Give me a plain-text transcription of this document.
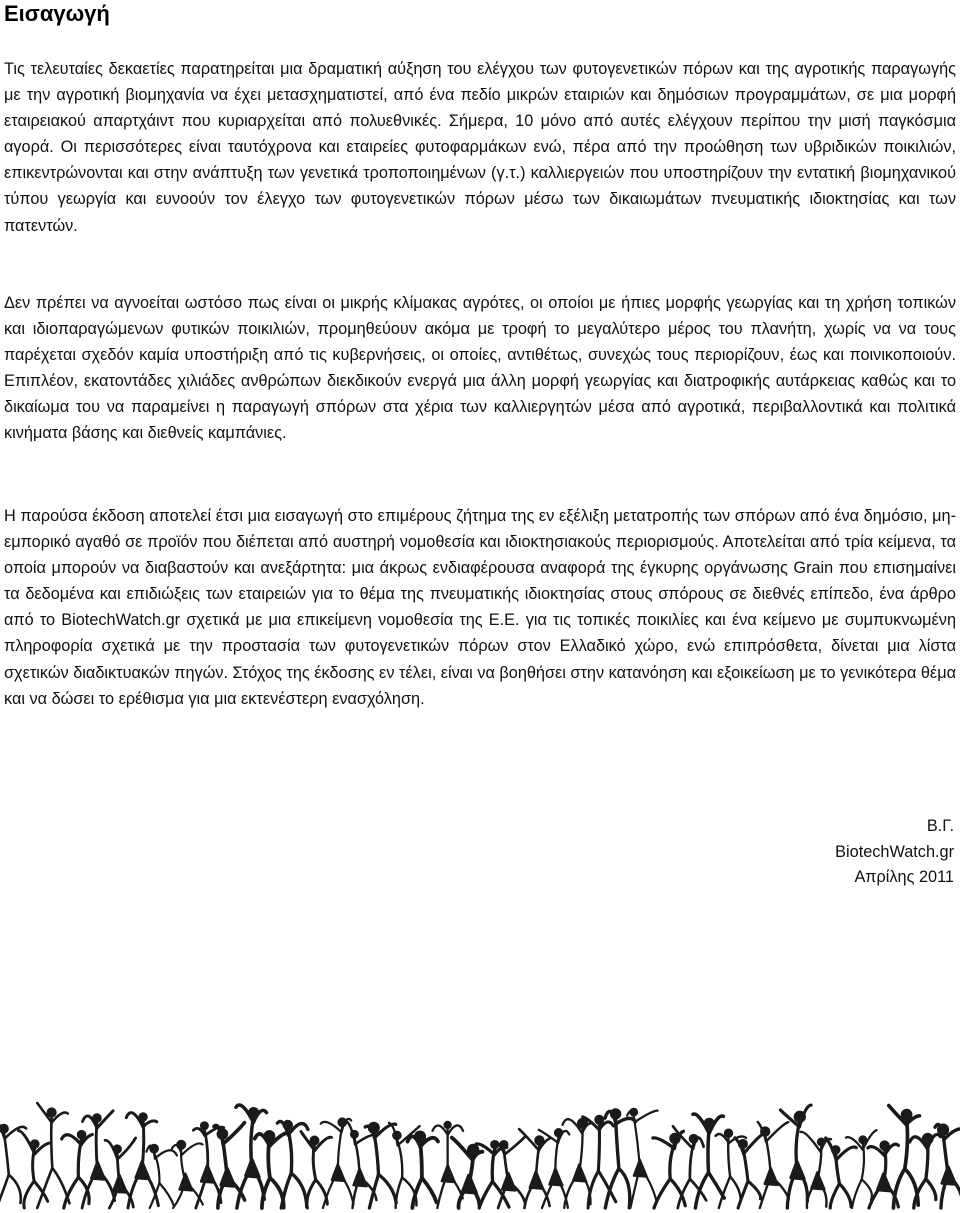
Εισαγωγή

Τις τελευταίες δεκαετίες παρατηρείται μια δραματική αύξηση του ελέγχου των φυτογενετικών πόρων και της αγροτικής παραγωγής με την αγροτική βιομηχανία να έχει μετασχηματιστεί, από ένα πεδίο μικρών εταιριών και δημόσιων προγραμμάτων, σε μια μορφή εταιρειακού απαρτχάιντ που κυριαρχείται από πολυεθνικές. Σήμερα, 10 μόνο από αυτές ελέγχουν περίπου την μισή παγκόσμια αγορά. Οι περισσότερες είναι ταυτόχρονα και εταιρείες φυτοφαρμάκων ενώ, πέρα από την προώθηση των υβριδικών ποικιλιών, επικεντρώνονται και στην ανάπτυξη των γενετικά τροποποιημένων (γ.τ.) καλλιεργειών που υποστηρίζουν την εντατική βιομηχανικού τύπου γεωργία και ευνοούν τον έλεγχο των φυτογενετικών πόρων μέσω των δικαιωμάτων πνευματικής ιδιοκτησίας και των πατεντών.

Δεν πρέπει να αγνοείται ωστόσο πως είναι οι μικρής κλίμακας αγρότες, οι οποίοι με ήπιες μορφής γεωργίας και τη χρήση τοπικών και ιδιοπαραγώμενων φυτικών ποικιλιών, προμηθεύουν ακόμα με τροφή το μεγαλύτερο μέρος του πλανήτη, χωρίς να να τους παρέχεται σχεδόν καμία υποστήριξη από τις κυβερνήσεις, οι οποίες, αντιθέτως, συνεχώς τους περιορίζουν, έως και ποινικοποιούν. Επιπλέον, εκατοντάδες χιλιάδες ανθρώπων διεκδικούν ενεργά μια άλλη μορφή γεωργίας και διατροφικής αυτάρκειας καθώς και το δικαίωμα του να παραμείνει η παραγωγή σπόρων στα χέρια των καλλιεργητών μέσα από αγροτικά, περιβαλλοντικά και πολιτικά κινήματα βάσης και διεθνείς καμπάνιες.

Η παρούσα έκδοση αποτελεί έτσι μια εισαγωγή στο επιμέρους ζήτημα της εν εξέλιξη μετατροπής των σπόρων από ένα δημόσιο, μη-εμπορικό αγαθό σε προϊόν που διέπεται από αυστηρή νομοθεσία και ιδιοκτησιακούς περιορισμούς. Αποτελείται από τρία κείμενα, τα οποία μπορούν να διαβαστούν και ανεξάρτητα: μια άκρως ενδιαφέρουσα αναφορά της έγκυρης οργάνωσης Grain που επισημαίνει τα δεδομένα και επιδιώξεις των εταιρειών για το θέμα της πνευματικής ιδιοκτησίας στους σπόρους σε διεθνές επίπεδο, ένα άρθρο από το BiotechWatch.gr σχετικά με μια επικείμενη νομοθεσία της Ε.Ε. για τις τοπικές ποικιλίες και ένα κείμενο με συμπυκνωμένη πληροφορία σχετικά με την προστασία των φυτογενετικών πόρων στον Ελλαδικό χώρο, ενώ επιπρόσθετα, δίνεται μια λίστα σχετικών διαδικτυακών πηγών. Στόχος της έκδοσης εν τέλει, είναι να βοηθήσει στην κατανόηση και εξοικείωση με το γενικότερα θέμα και να δώσει το ερέθισμα για μια εκτενέστερη ενασχόληση.

Β.Γ.
BiotechWatch.gr
Απρίλης 2011
